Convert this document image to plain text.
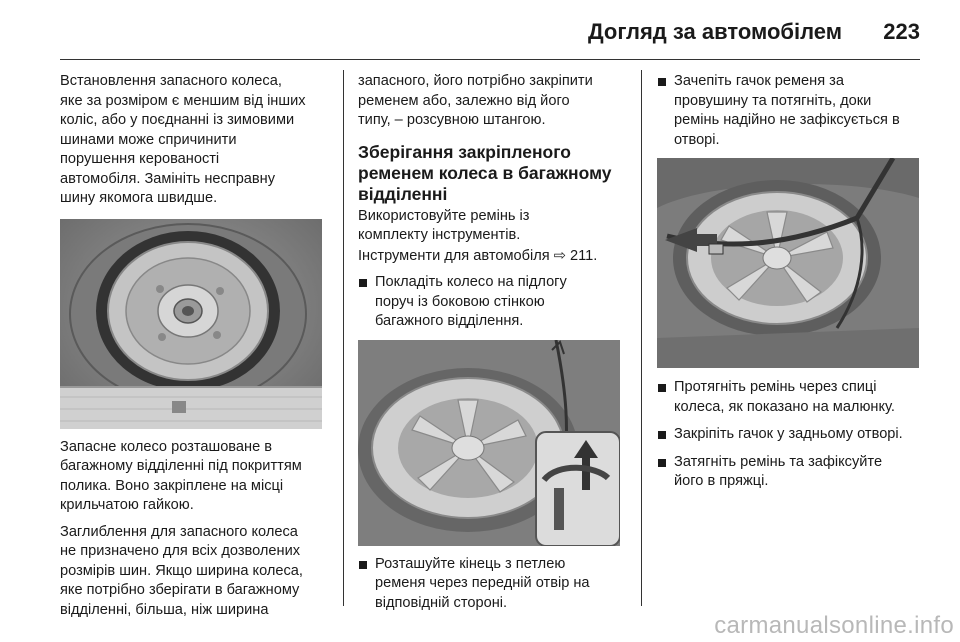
Догляд за автомобілем 223

Встановлення запасного колеса,
яке за розміром є меншим від інших
коліс, або у поєднанні із зимовими
шинами може спричинити
порушення керованості
автомобіля. Замініть несправну
шину якомога швидше.

Запасне колесо розташоване в
багажному відділенні під покриттям
полика. Воно закріплене на місці
крильчатою гайкою.

Заглиблення для запасного колеса
не призначено для всіх дозволених
розмірів шин. Якщо ширина колеса,
яке потрібно зберігати в багажному
відділенні, більша, ніж ширина

запасного, його потрібно закріпити
ременем або, залежно від його
типу, – розсувною штангою.

Зберігання закріпленого
ременем колеса в багажному
відділенні
Використовуйте ремінь із
комплекту інструментів.

Інструменти для автомобіля ⇨ 211.

Покладіть колесо на підлогу
поруч із боковою стінкою
багажного відділення.
Розташуйте кінець з петлею
ременя через передній отвір на
відповідній стороні.
Зачепіть гачок ременя за
провушину та потягніть, доки
ремінь надійно не зафіксується в
отворі.
Протягніть ремінь через спиці
колеса, як показано на малюнку.
Закріпіть гачок у задньому отворі.
Затягніть ремінь та зафіксуйте
його в пряжці.
carmanualsonline.info
